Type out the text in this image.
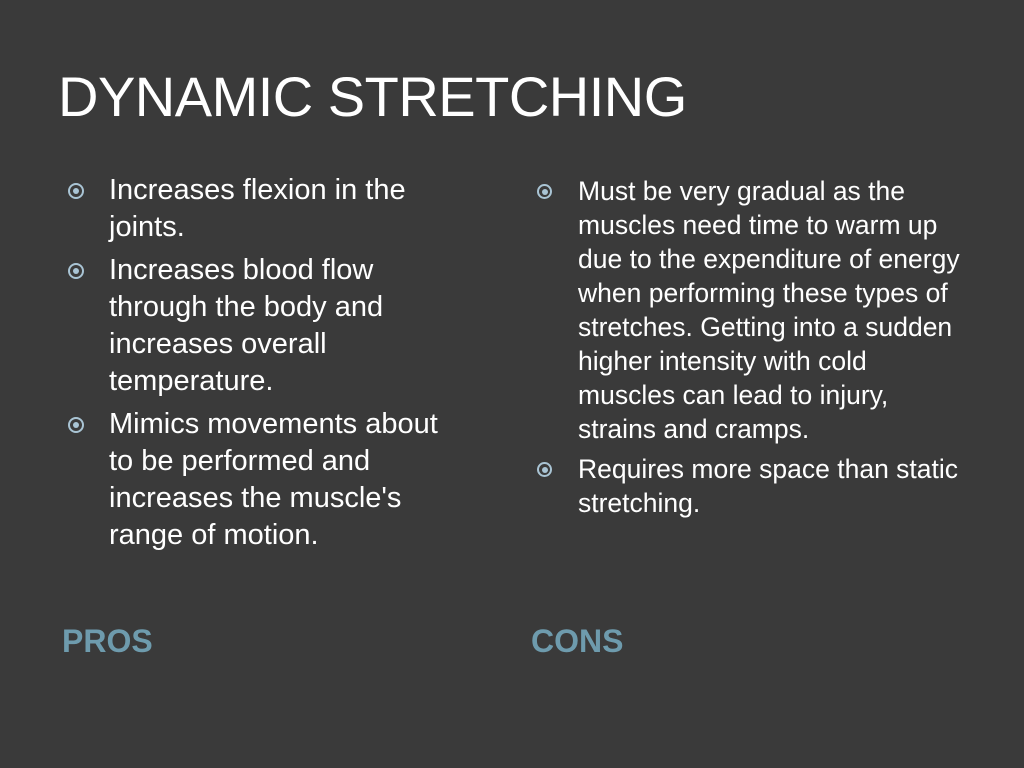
DYNAMIC STRETCHING
Increases flexion in the joints.
Increases blood flow through the body and increases overall temperature.
Mimics movements about to be performed and increases the muscle's range of motion.
Must be very gradual as the muscles need time to warm up due to the expenditure of energy when performing these types of stretches. Getting into a sudden higher intensity with cold muscles can lead to injury, strains and cramps.
Requires more space than static stretching.
PROS	CONS
